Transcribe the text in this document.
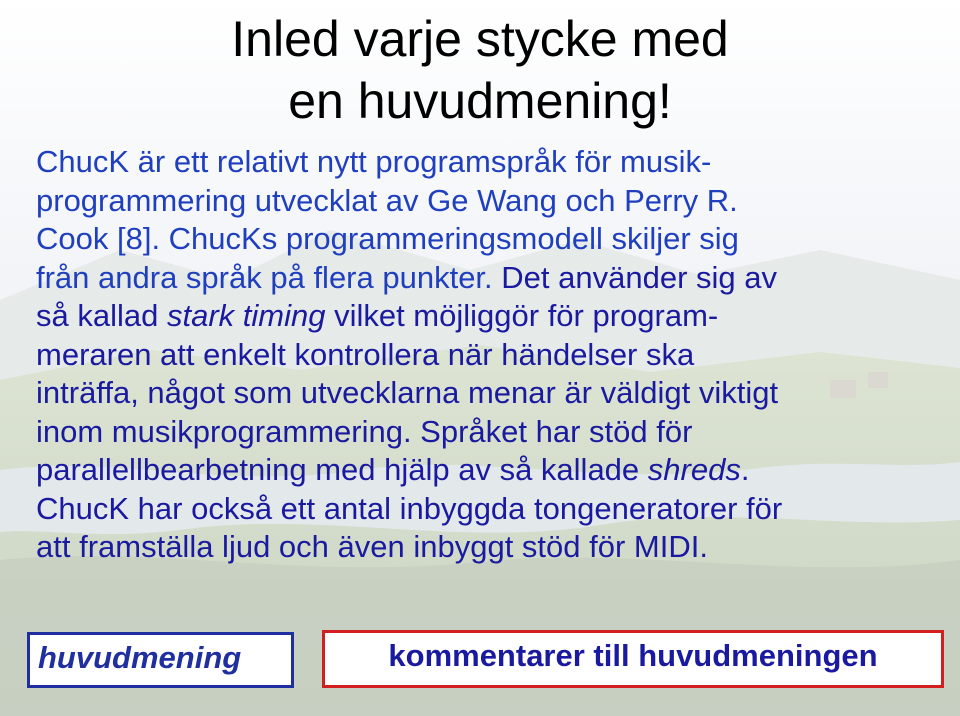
Inled varje stycke med
en huvudmening!
ChucK är ett relativt nytt programspråk för musik-
programmering utvecklat av Ge Wang och Perry R.
Cook [8]. ChucKs programmeringsmodell skiljer sig
från andra språk på flera punkter. Det använder sig av
så kallad stark timing vilket möjliggör för program-
meraren att enkelt kontrollera när händelser ska
inträffa, något som utvecklarna menar är väldigt viktigt
inom musikprogrammering. Språket har stöd för
parallellbearbetning med hjälp av så kallade shreds.
ChucK har också ett antal inbyggda tongeneratorer för
att framställa ljud och även inbyggt stöd för MIDI.
huvudmening	kommentarer till huvudmeningen
